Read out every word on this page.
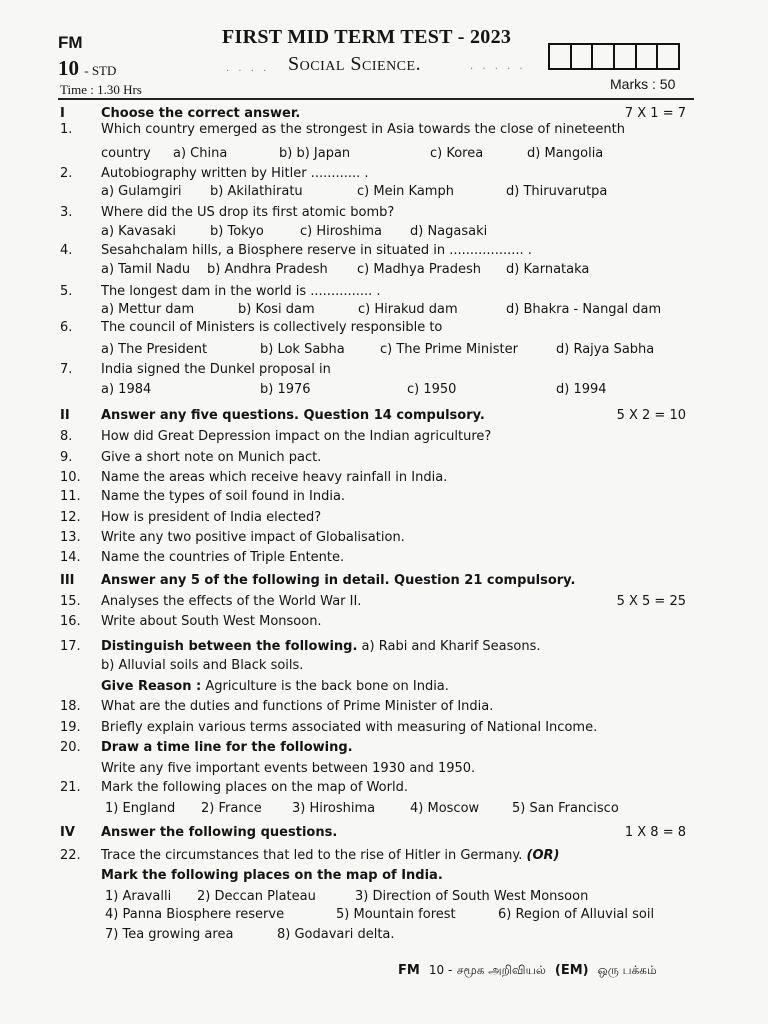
FM
10 - STD
Time : 1.30 Hrs
FIRST MID TERM TEST - 2023
Social Science.
· · · ·	· · · · ·
Marks : 50
I	Choose the correct answer.	7 X 1 = 7
1. Which country emerged as the strongest in Asia towards the close of nineteenth
country a) China	b) b) Japan	c) Korea	d) Mangolia
2. Autobiography written by Hitler ............ .
a) Gulamgiri b) Akilathiratu	c) Mein Kamph	d) Thiruvarutpa
3. Where did the US drop its first atomic bomb?
a) Kavasaki	b) Tokyo	c) Hiroshima d) Nagasaki
4. Sesahchalam hills, a Biosphere reserve in situated in .................. .
a) Tamil Nadu b) Andhra Pradesh c) Madhya Pradesh d) Karnataka
5. The longest dam in the world is ............... .
a) Mettur dam	b) Kosi dam	c) Hirakud dam	d) Bhakra - Nangal dam
6. The council of Ministers is collectively responsible to
a) The President	b) Lok Sabha	c) The Prime Minister	d) Rajya Sabha
7. India signed the Dunkel proposal in
a) 1984	b) 1976	c) 1950	d) 1994
II Answer any five questions. Question 14 compulsory.	5 X 2 = 10
8. How did Great Depression impact on the Indian agriculture?
9. Give a short note on Munich pact.
10. Name the areas which receive heavy rainfall in India.
11. Name the types of soil found in India.
12. How is president of India elected?
13. Write any two positive impact of Globalisation.
14. Name the countries of Triple Entente.
III Answer any 5 of the following in detail. Question 21 compulsory.
15. Analyses the effects of the World War II.	5 X 5 = 25
16. Write about South West Monsoon.
17. Distinguish between the following. a) Rabi and Kharif Seasons.
b) Alluvial soils and Black soils.
Give Reason : Agriculture is the back bone on India.
18. What are the duties and functions of Prime Minister of India.
19. Briefly explain various terms associated with measuring of National Income.
20. Draw a time line for the following.
Write any five important events between 1930 and 1950.
21. Mark the following places on the map of World.
1) England 2) France 3) Hiroshima	4) Moscow	5) San Francisco
IV Answer the following questions.	1 X 8 = 8
22. Trace the circumstances that led to the rise of Hitler in Germany. (OR)
Mark the following places on the map of India.
1) Aravalli 2) Deccan Plateau	3) Direction of South West Monsoon
4) Panna Biosphere reserve	5) Mountain forest	6) Region of Alluvial soil
7) Tea growing area	8) Godavari delta.
FM 10 - சமூக அறிவியல் (EM) ஒரு பக்கம்
